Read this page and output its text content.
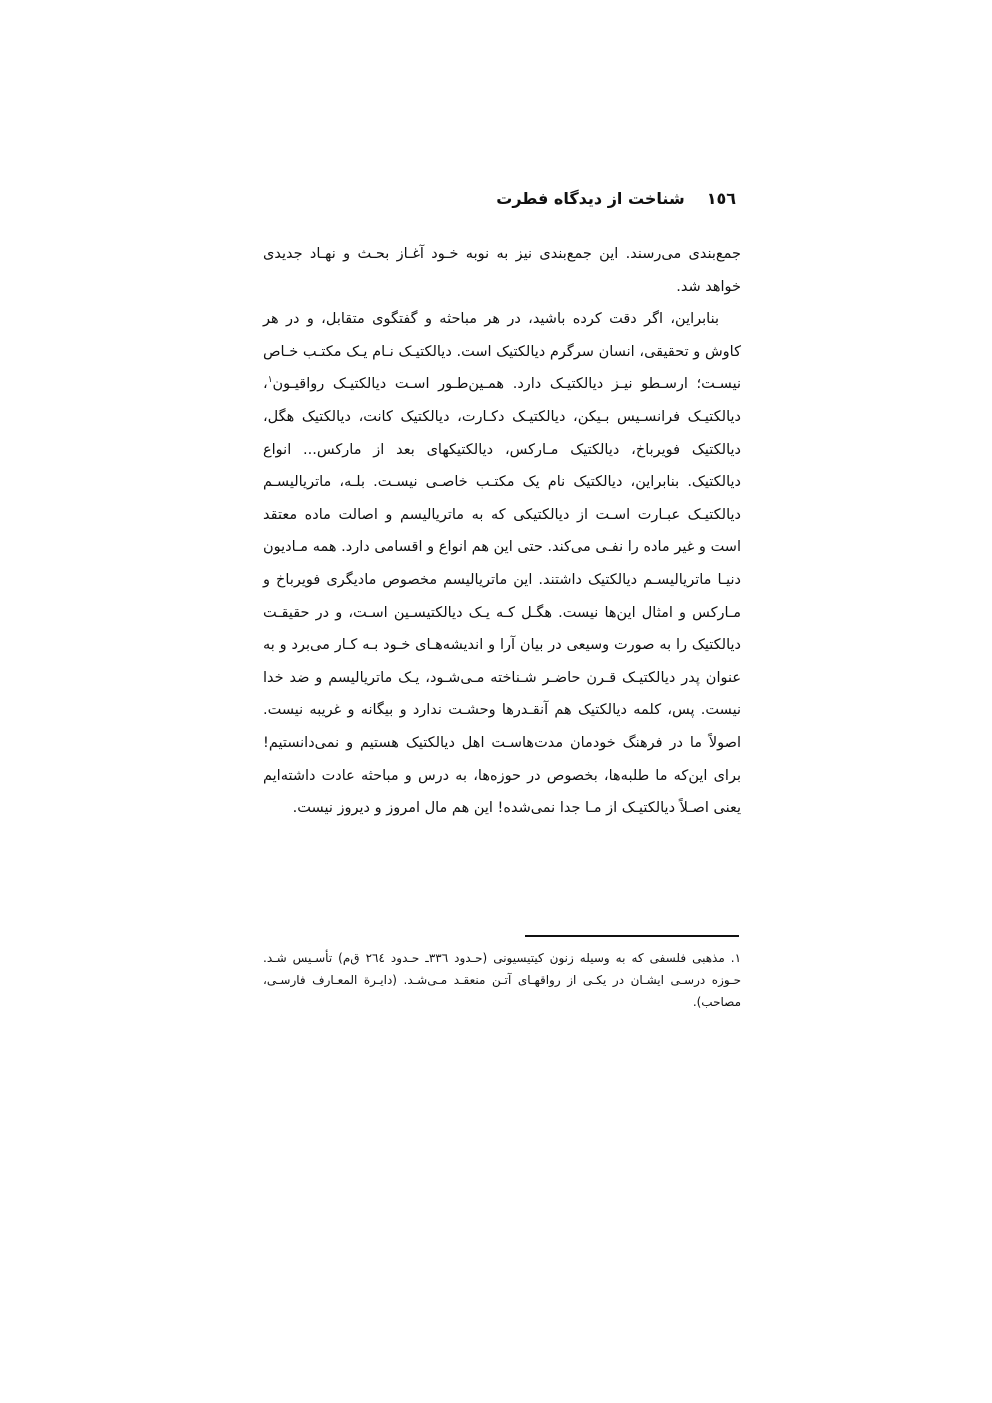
١٥٦شناخت از دیدگاه فطرت

جمع‌بندی می‌رسند. این جمع‌بندی نیز به نوبه خـود آغـاز بحـث و نهـاد جدیدی خواهد شد.

بنابراین، اگر دقت کرده باشید، در هر مباحثه و گفتگوی متقابل، و در هر کاوش و تحقیقی، انسان سرگرم دیالکتیک است. دیالکتیـک نـام یـک مکتـب خـاص نیسـت؛ ارسـطو نیـز دیالکتیـک دارد. همـین‌طـور اسـت دیالکتیـک رواقیـون$^١$، دیالکتیـک فرانسـیس بـیکن، دیالکتیـک دکـارت، دیالکتیک کانت، دیالکتیک هگل، دیالکتیک فویرباخ، دیالکتیک مـارکس، دیالکتیکهای بعد از مارکس... انواع دیالکتیک. بنابراین، دیالکتیک نام یک مکتـب خاصـی نیسـت. بلـه، ماتریالیسـم دیالکتیـک عبـارت اسـت از دیالکتیکی که به ماتریالیسم و اصالت ماده معتقد است و غیر ماده را نفـی می‌کند. حتی این هم انواع و اقسامی دارد. همه مـادیون دنیـا ماتریالیسـم دیالکتیک داشتند. این ماتریالیسم مخصوص مادیگری فویرباخ و مـارکس و امثال این‌ها نیست. هگـل کـه یـک دیالکتیسـین اسـت، و در حقیقـت دیالکتیک را به صورت وسیعی در بیان آرا و اندیشه‌هـای خـود بـه کـار می‌برد و به عنوان پدر دیالکتیـک قـرن حاضـر شـناخته مـی‌شـود، یـک ماتریالیسم و ضد خدا نیست. پس، کلمه دیالکتیک هم آنقـدرها وحشـت ندارد و بیگانه و غریبه نیست. اصولاً ما در فرهنگ خودمان مدت‌هاسـت اهل دیالکتیک هستیم و نمی‌دانستیم! برای این‌که ما طلبه‌ها، بخصوص در حوزه‌ها، به درس و مباحثه عادت داشته‌ایم یعنی اصـلاً دیالکتیـک از مـا جدا نمی‌شده! این هم مال امروز و دیروز نیست.

١. مذهبی فلسفی که به وسیله زنون کیتیسیونی (حـدود ٣٣٦ـ حـدود ٢٦٤ ق‌م) تأسـیس شـد. حـوزه درسـی ایشـان در یکـی از رواقهـای آتـن منعقـد مـی‌شـد. (دایـرة المعـارف فارسـی، مصاحب).
